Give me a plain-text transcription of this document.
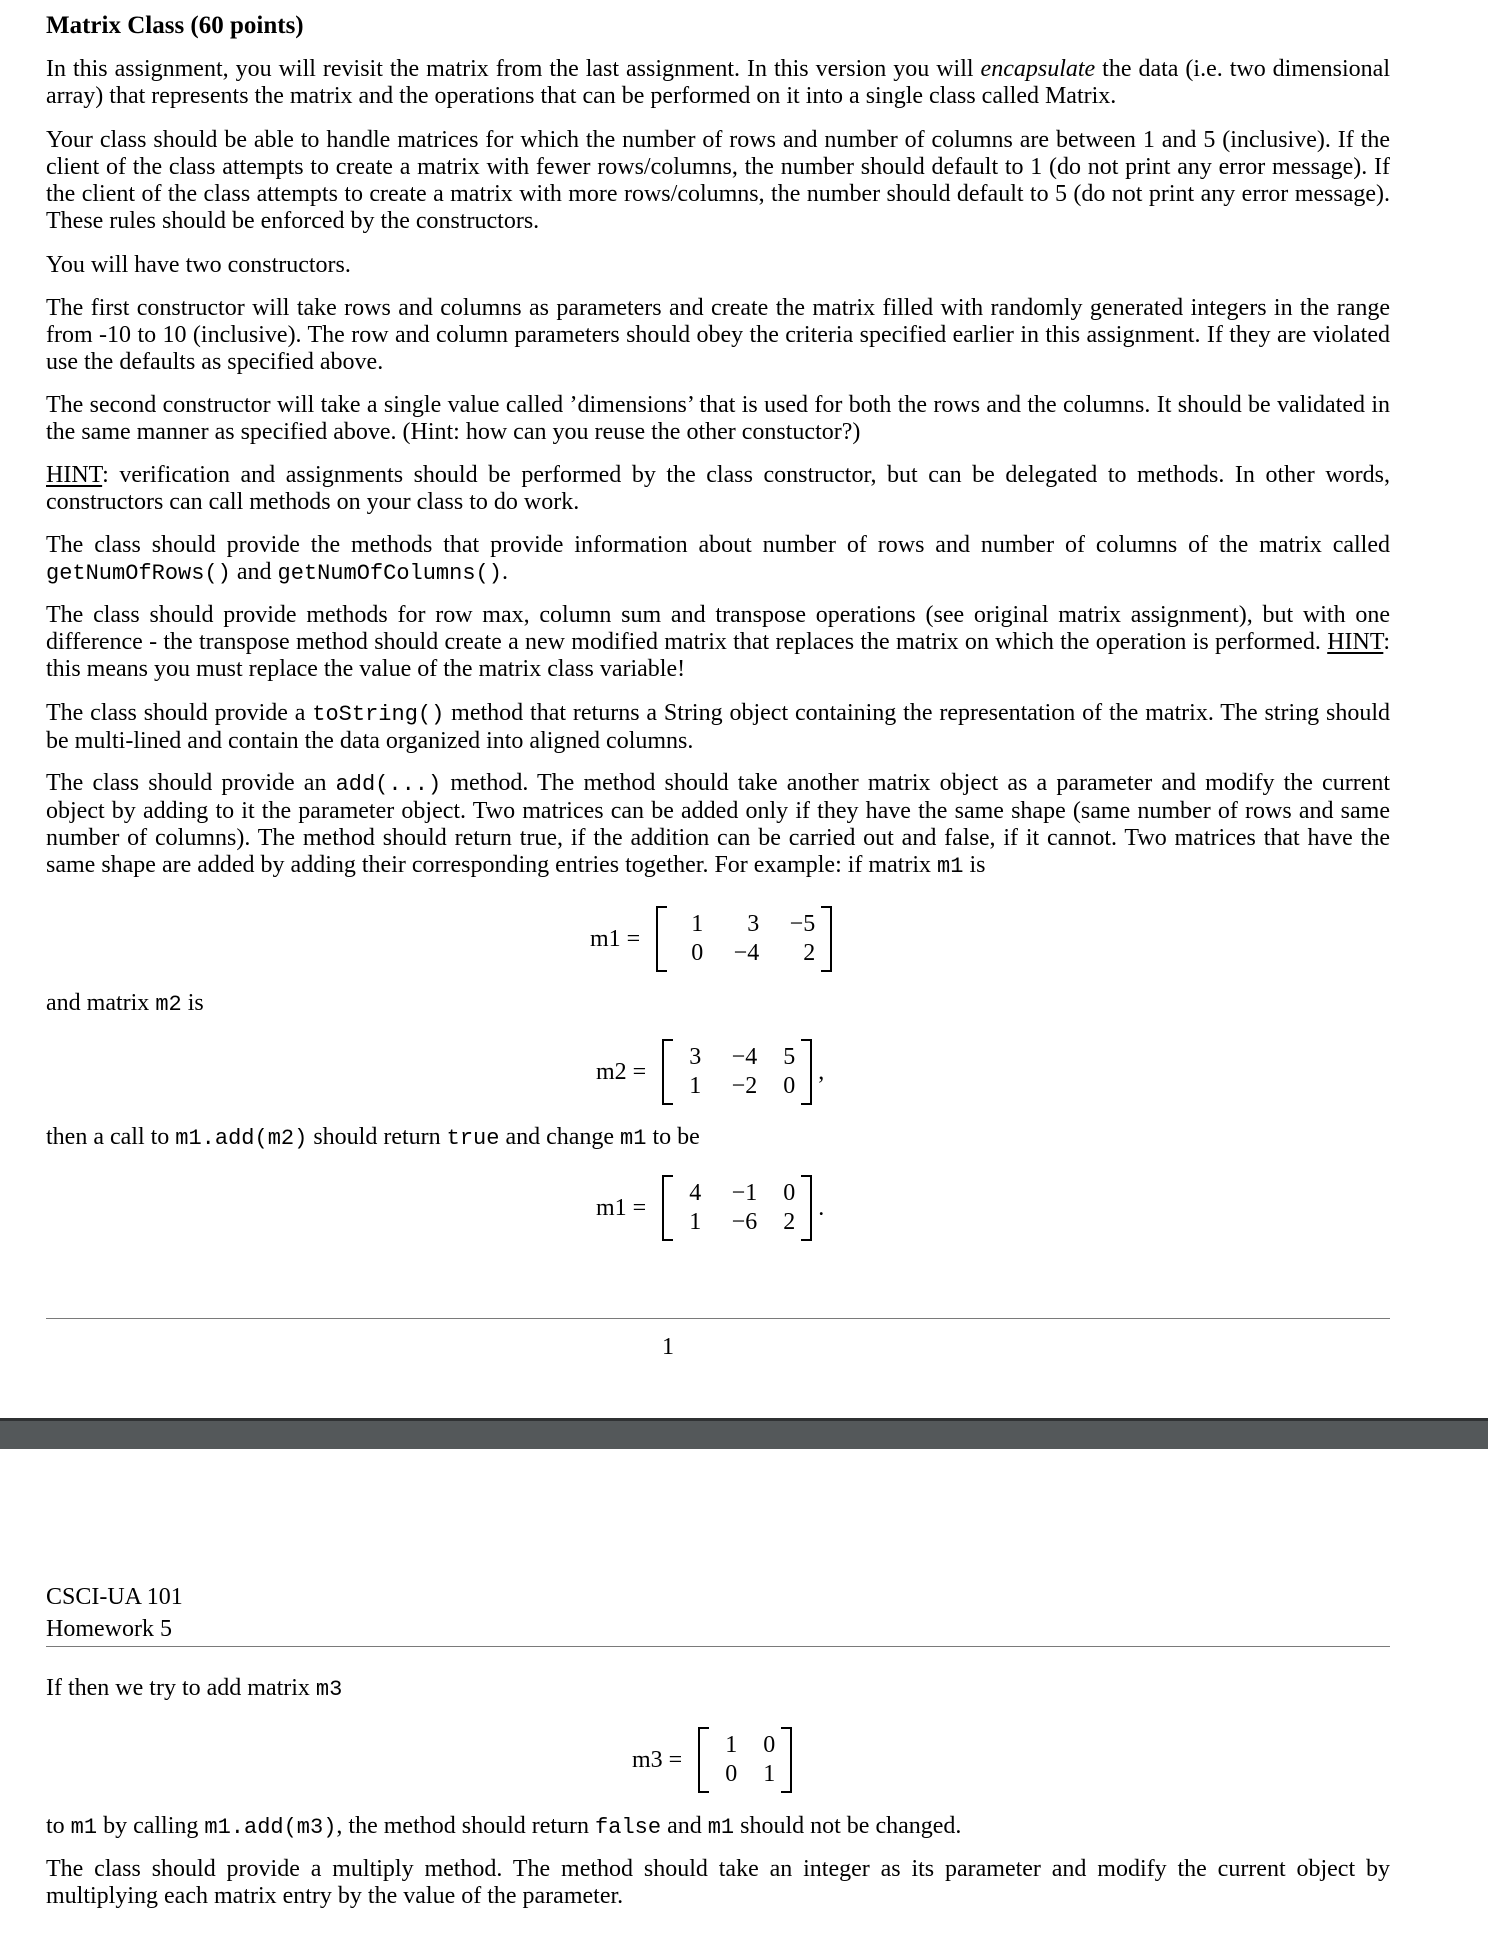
Matrix Class (60 points)

In this assignment, you will revisit the matrix from the last assignment. In this version you will encapsulate the data (i.e. two dimensional array) that represents the matrix and the operations that can be performed on it into a single class called Matrix.

Your class should be able to handle matrices for which the number of rows and number of columns are between 1 and 5 (inclusive). If the client of the class attempts to create a matrix with fewer rows/columns, the number should default to 1 (do not print any error message). If the client of the class attempts to create a matrix with more rows/columns, the number should default to 5 (do not print any error message). These rules should be enforced by the constructors.

You will have two constructors.

The first constructor will take rows and columns as parameters and create the matrix filled with randomly generated integers in the range from -10 to 10 (inclusive). The row and column parameters should obey the criteria specified earlier in this assignment. If they are violated use the defaults as specified above.

The second constructor will take a single value called ’dimensions’ that is used for both the rows and the columns. It should be validated in the same manner as specified above. (Hint: how can you reuse the other constuctor?)

HINT: verification and assignments should be performed by the class constructor, but can be delegated to methods. In other words, constructors can call methods on your class to do work.

The class should provide the methods that provide information about number of rows and number of columns of the matrix called getNumOfRows() and getNumOfColumns().

The class should provide methods for row max, column sum and transpose operations (see original matrix assignment), but with one difference - the transpose method should create a new modified matrix that replaces the matrix on which the operation is performed. HINT: this means you must replace the value of the matrix class variable!

The class should provide a toString() method that returns a String object containing the representation of the matrix. The string should be multi-lined and contain the data organized into aligned columns.

The class should provide an add(...) method. The method should take another matrix object as a parameter and modify the current object by adding to it the parameter object. Two matrices can be added only if they have the same shape (same number of rows and same number of columns). The method should return true, if the addition can be carried out and false, if it cannot. Two matrices that have the same shape are added by adding their corresponding entries together. For example: if matrix m1 is

m1 =
1	3	−5
0	−4	2

and matrix m2 is

m2 =
3	−4	5
1	−2	0
,

then a call to m1.add(m2) should return true and change m1 to be

m1 =
4	−1	0
1	−6	2
.
1
CSCI-UA 101
Homework 5

If then we try to add matrix m3

m3 =
1	0
0	1

to m1 by calling m1.add(m3), the method should return false and m1 should not be changed.

The class should provide a multiply method. The method should take an integer as its parameter and modify the current object by multiplying each matrix entry by the value of the parameter.
